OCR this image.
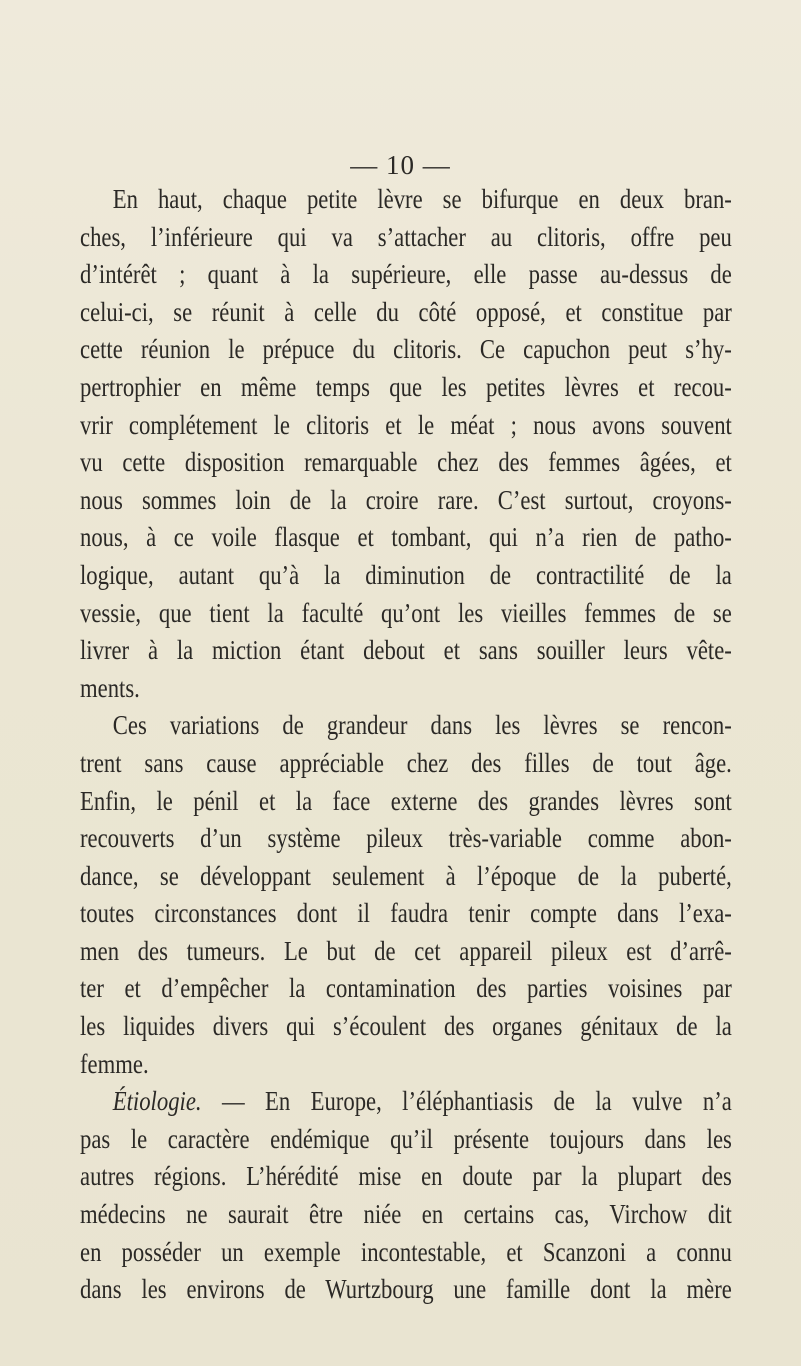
— 10 —
En haut, chaque petite lèvre se bifurque en deux bran-
ches, l’inférieure qui va s’attacher au clitoris, offre peu
d’intérêt ; quant à la supérieure, elle passe au-dessus de
celui-ci, se réunit à celle du côté opposé, et constitue par
cette réunion le prépuce du clitoris. Ce capuchon peut s’hy-
pertrophier en même temps que les petites lèvres et recou-
vrir complétement le clitoris et le méat ; nous avons souvent
vu cette disposition remarquable chez des femmes âgées, et
nous sommes loin de la croire rare. C’est surtout, croyons-
nous, à ce voile flasque et tombant, qui n’a rien de patho-
logique, autant qu’à la diminution de contractilité de la
vessie, que tient la faculté qu’ont les vieilles femmes de se
livrer à la miction étant debout et sans souiller leurs vête-
ments.
Ces variations de grandeur dans les lèvres se rencon-
trent sans cause appréciable chez des filles de tout âge.
Enfin, le pénil et la face externe des grandes lèvres sont
recouverts d’un système pileux très-variable comme abon-
dance, se développant seulement à l’époque de la puberté,
toutes circonstances dont il faudra tenir compte dans l’exa-
men des tumeurs. Le but de cet appareil pileux est d’arrê-
ter et d’empêcher la contamination des parties voisines par
les liquides divers qui s’écoulent des organes génitaux de la
femme.
Étiologie. — En Europe, l’éléphantiasis de la vulve n’a
pas le caractère endémique qu’il présente toujours dans les
autres régions. L’hérédité mise en doute par la plupart des
médecins ne saurait être niée en certains cas, Virchow dit
en posséder un exemple incontestable, et Scanzoni a connu
dans les environs de Wurtzbourg une famille dont la mère
